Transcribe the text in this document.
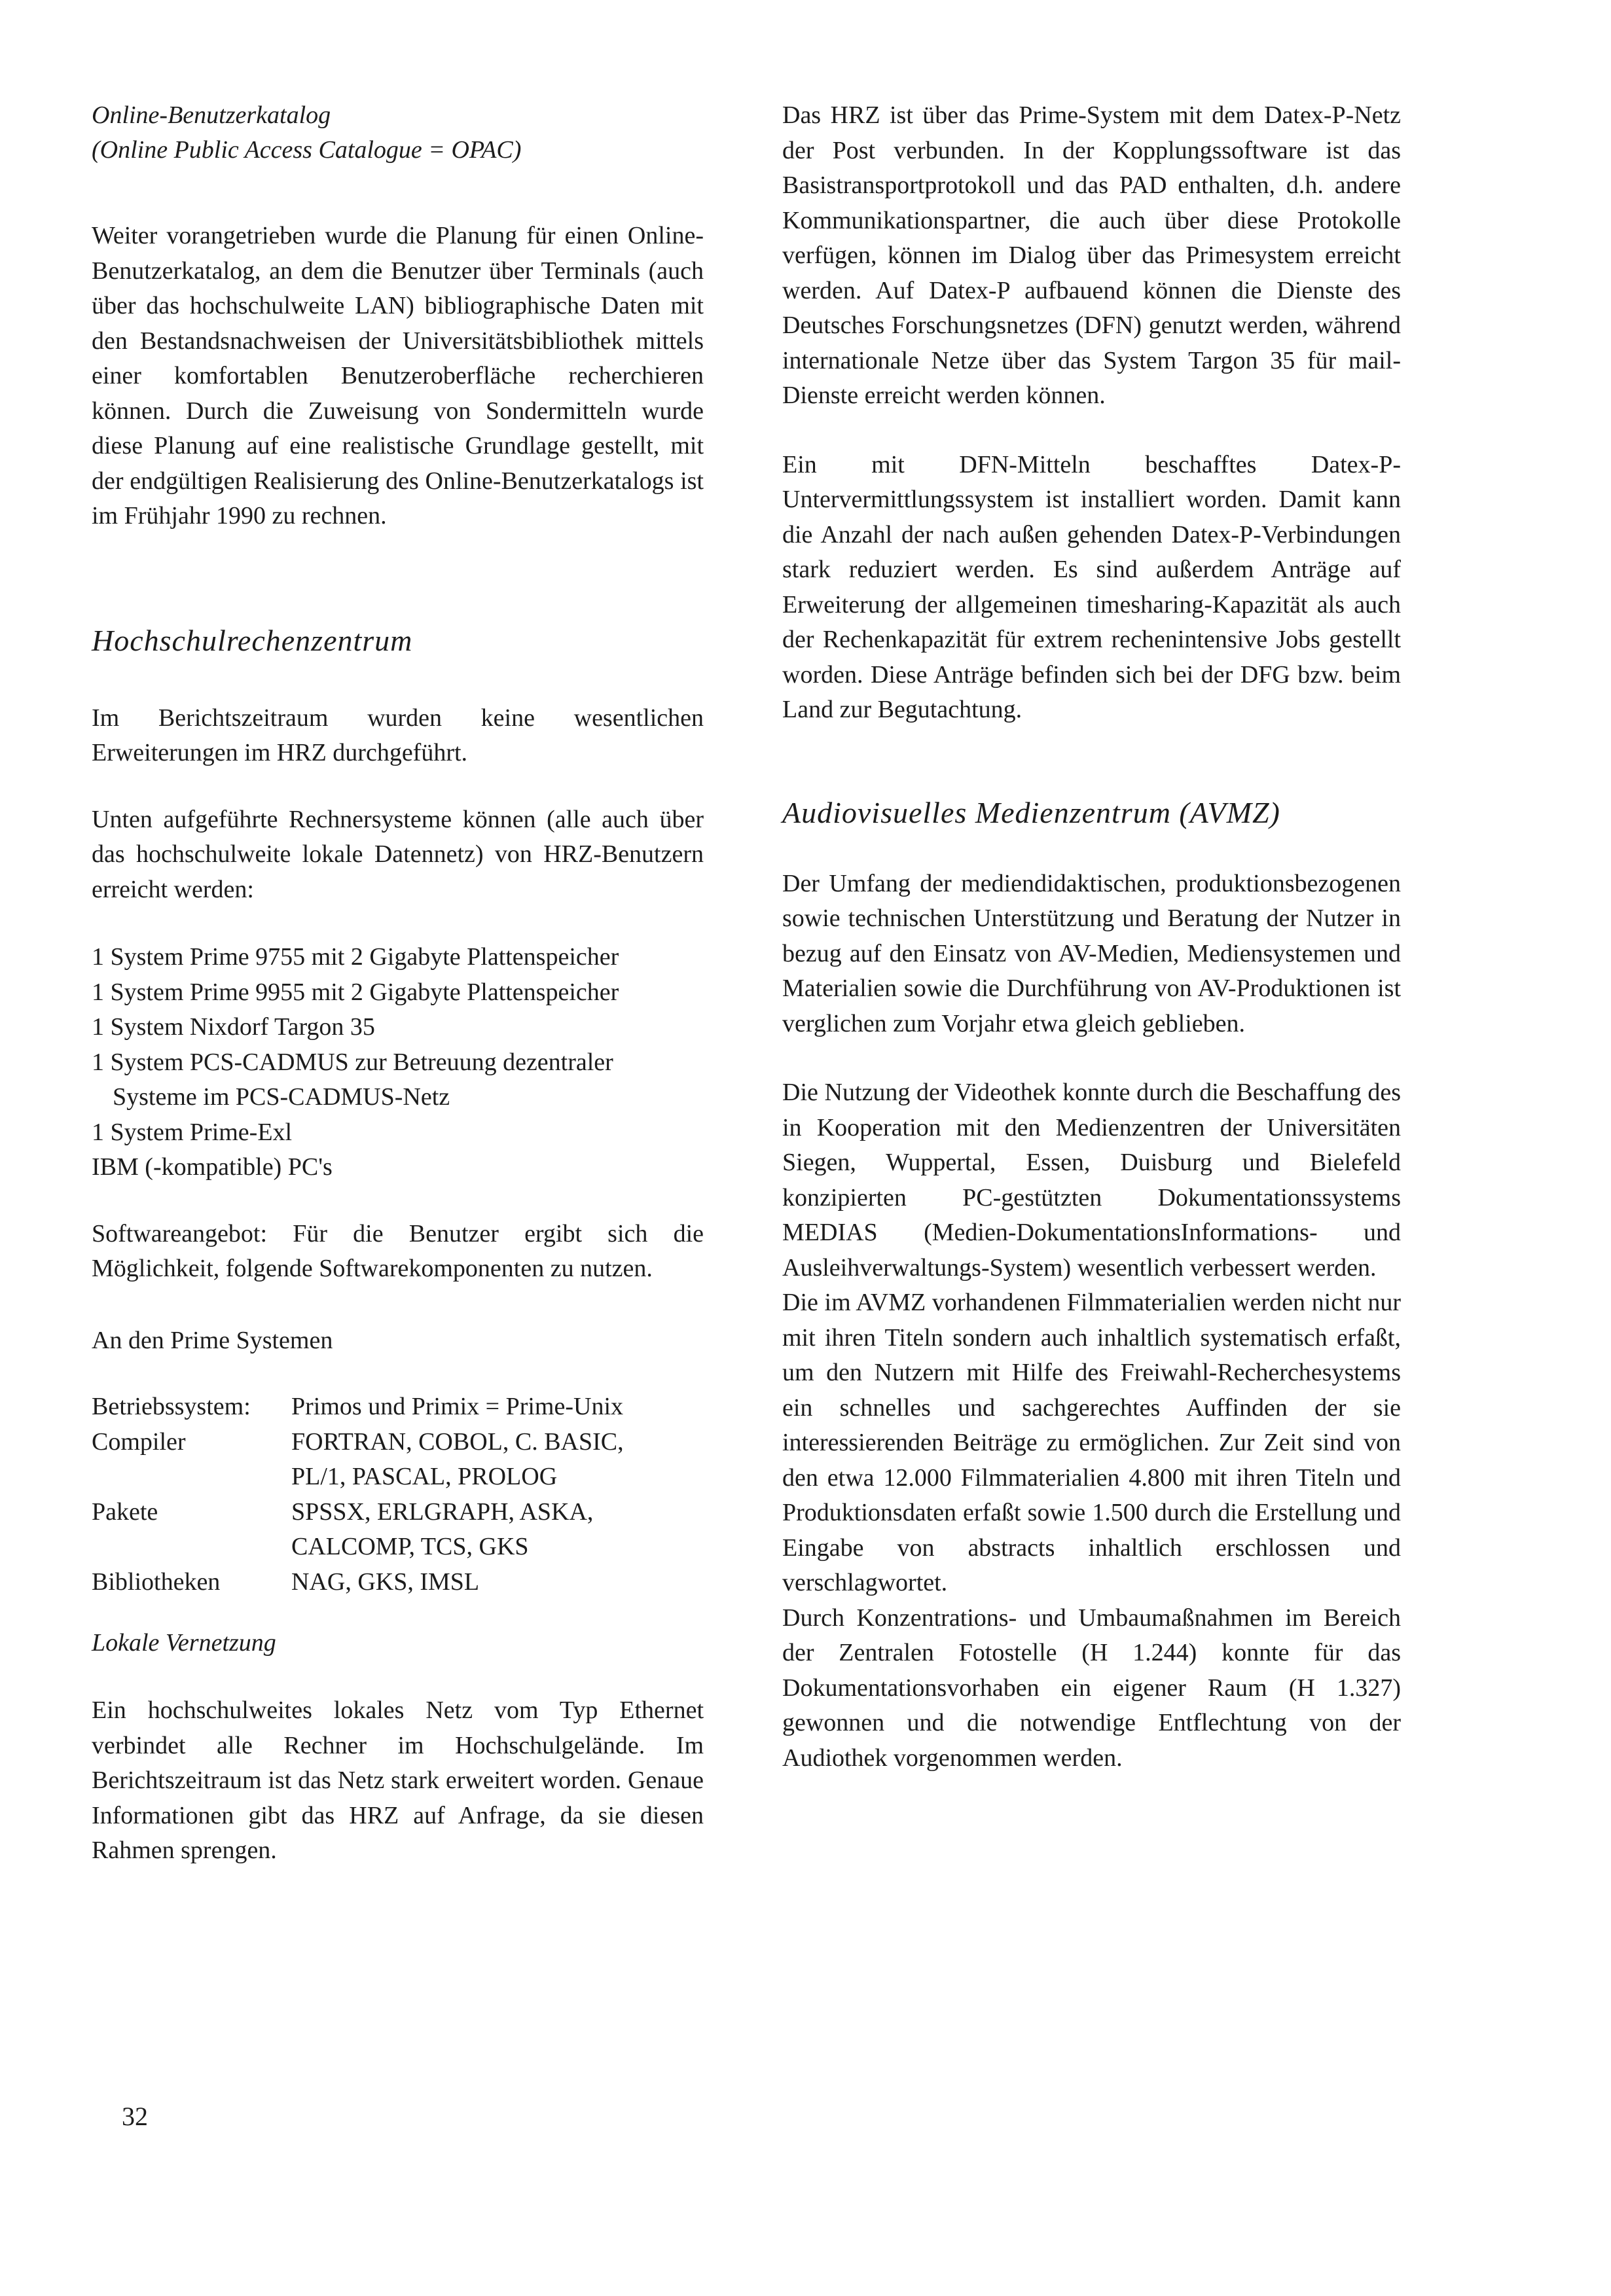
Online-Benutzerkatalog

(Online Public Access Catalogue = OPAC)

Weiter vorangetrieben wurde die Planung für einen Online-Benutzerkatalog, an dem die Benutzer über Terminals (auch über das hochschulweite LAN) bibliographische Daten mit den Bestandsnachweisen der Universitätsbibliothek mittels einer komfortablen Benutzeroberfläche recherchieren können. Durch die Zuweisung von Sondermitteln wurde diese Planung auf eine realistische Grundlage gestellt, mit der endgültigen Realisierung des Online-Benutzerkatalogs ist im Frühjahr 1990 zu rechnen.

Hochschulrechenzentrum

Im Berichtszeitraum wurden keine wesentlichen Erweiterungen im HRZ durchgeführt.

Unten aufgeführte Rechnersysteme können (alle auch über das hochschulweite lokale Datennetz) von HRZ-Benutzern erreicht werden:

1 System Prime 9755 mit 2 Gigabyte Plattenspeicher

1 System Prime 9955 mit 2 Gigabyte Plattenspeicher

1 System Nixdorf Targon 35

1 System PCS-CADMUS zur Betreuung dezentraler

Systeme im PCS-CADMUS-Netz

1 System Prime-Exl

IBM (-kompatible) PC's

Softwareangebot: Für die Benutzer ergibt sich die Möglichkeit, folgende Softwarekomponenten zu nutzen.

An den Prime Systemen

Betriebssystem:	Primos und Primix = Prime-Unix
Compiler	FORTRAN, COBOL, C. BASIC,
PL/1, PASCAL, PROLOG
Pakete	SPSSX, ERLGRAPH, ASKA,
CALCOMP, TCS, GKS
Bibliotheken	NAG, GKS, IMSL

Lokale Vernetzung

Ein hochschulweites lokales Netz vom Typ Ethernet verbindet alle Rechner im Hochschulgelände. Im Berichtszeitraum ist das Netz stark erweitert worden. Genaue Informationen gibt das HRZ auf Anfrage, da sie diesen Rahmen sprengen.

Das HRZ ist über das Prime-System mit dem Datex-P-Netz der Post verbunden. In der Kopplungssoftware ist das Basistransportprotokoll und das PAD enthalten, d.h. andere Kommunikationspartner, die auch über diese Protokolle verfügen, können im Dialog über das Primesystem erreicht werden. Auf Datex-P aufbauend können die Dienste des Deutsches Forschungsnetzes (DFN) genutzt werden, während internationale Netze über das System Targon 35 für mail-Dienste erreicht werden können.

Ein mit DFN-Mitteln beschafftes Datex-P-Untervermittlungssystem ist installiert worden. Damit kann die Anzahl der nach außen gehenden Datex-P-Verbindungen stark reduziert werden. Es sind außerdem Anträge auf Erweiterung der allgemeinen timesharing-Kapazität als auch der Rechenkapazität für extrem rechenintensive Jobs gestellt worden. Diese Anträge befinden sich bei der DFG bzw. beim Land zur Begutachtung.

Audiovisuelles Medienzentrum (AVMZ)

Der Umfang der mediendidaktischen, produktionsbezogenen sowie technischen Unterstützung und Beratung der Nutzer in bezug auf den Einsatz von AV-Medien, Mediensystemen und Materialien sowie die Durchführung von AV-Produktionen ist verglichen zum Vorjahr etwa gleich geblieben.

Die Nutzung der Videothek konnte durch die Beschaffung des in Kooperation mit den Medienzentren der Universitäten Siegen, Wuppertal, Essen, Duisburg und Bielefeld konzipierten PC-gestützten Dokumentationssystems MEDIAS (Medien-DokumentationsInformations- und Ausleihverwaltungs-System) wesentlich verbessert werden.

Die im AVMZ vorhandenen Filmmaterialien werden nicht nur mit ihren Titeln sondern auch inhaltlich systematisch erfaßt, um den Nutzern mit Hilfe des Freiwahl-Recherchesystems ein schnelles und sachgerechtes Auffinden der sie interessierenden Beiträge zu ermöglichen. Zur Zeit sind von den etwa 12.000 Filmmaterialien 4.800 mit ihren Titeln und Produktionsdaten erfaßt sowie 1.500 durch die Erstellung und Eingabe von abstracts inhaltlich erschlossen und verschlagwortet.

Durch Konzentrations- und Umbaumaßnahmen im Bereich der Zentralen Fotostelle (H 1.244) konnte für das Dokumentationsvorhaben ein eigener Raum (H 1.327) gewonnen und die notwendige Entflechtung von der Audiothek vorgenommen werden.

32
